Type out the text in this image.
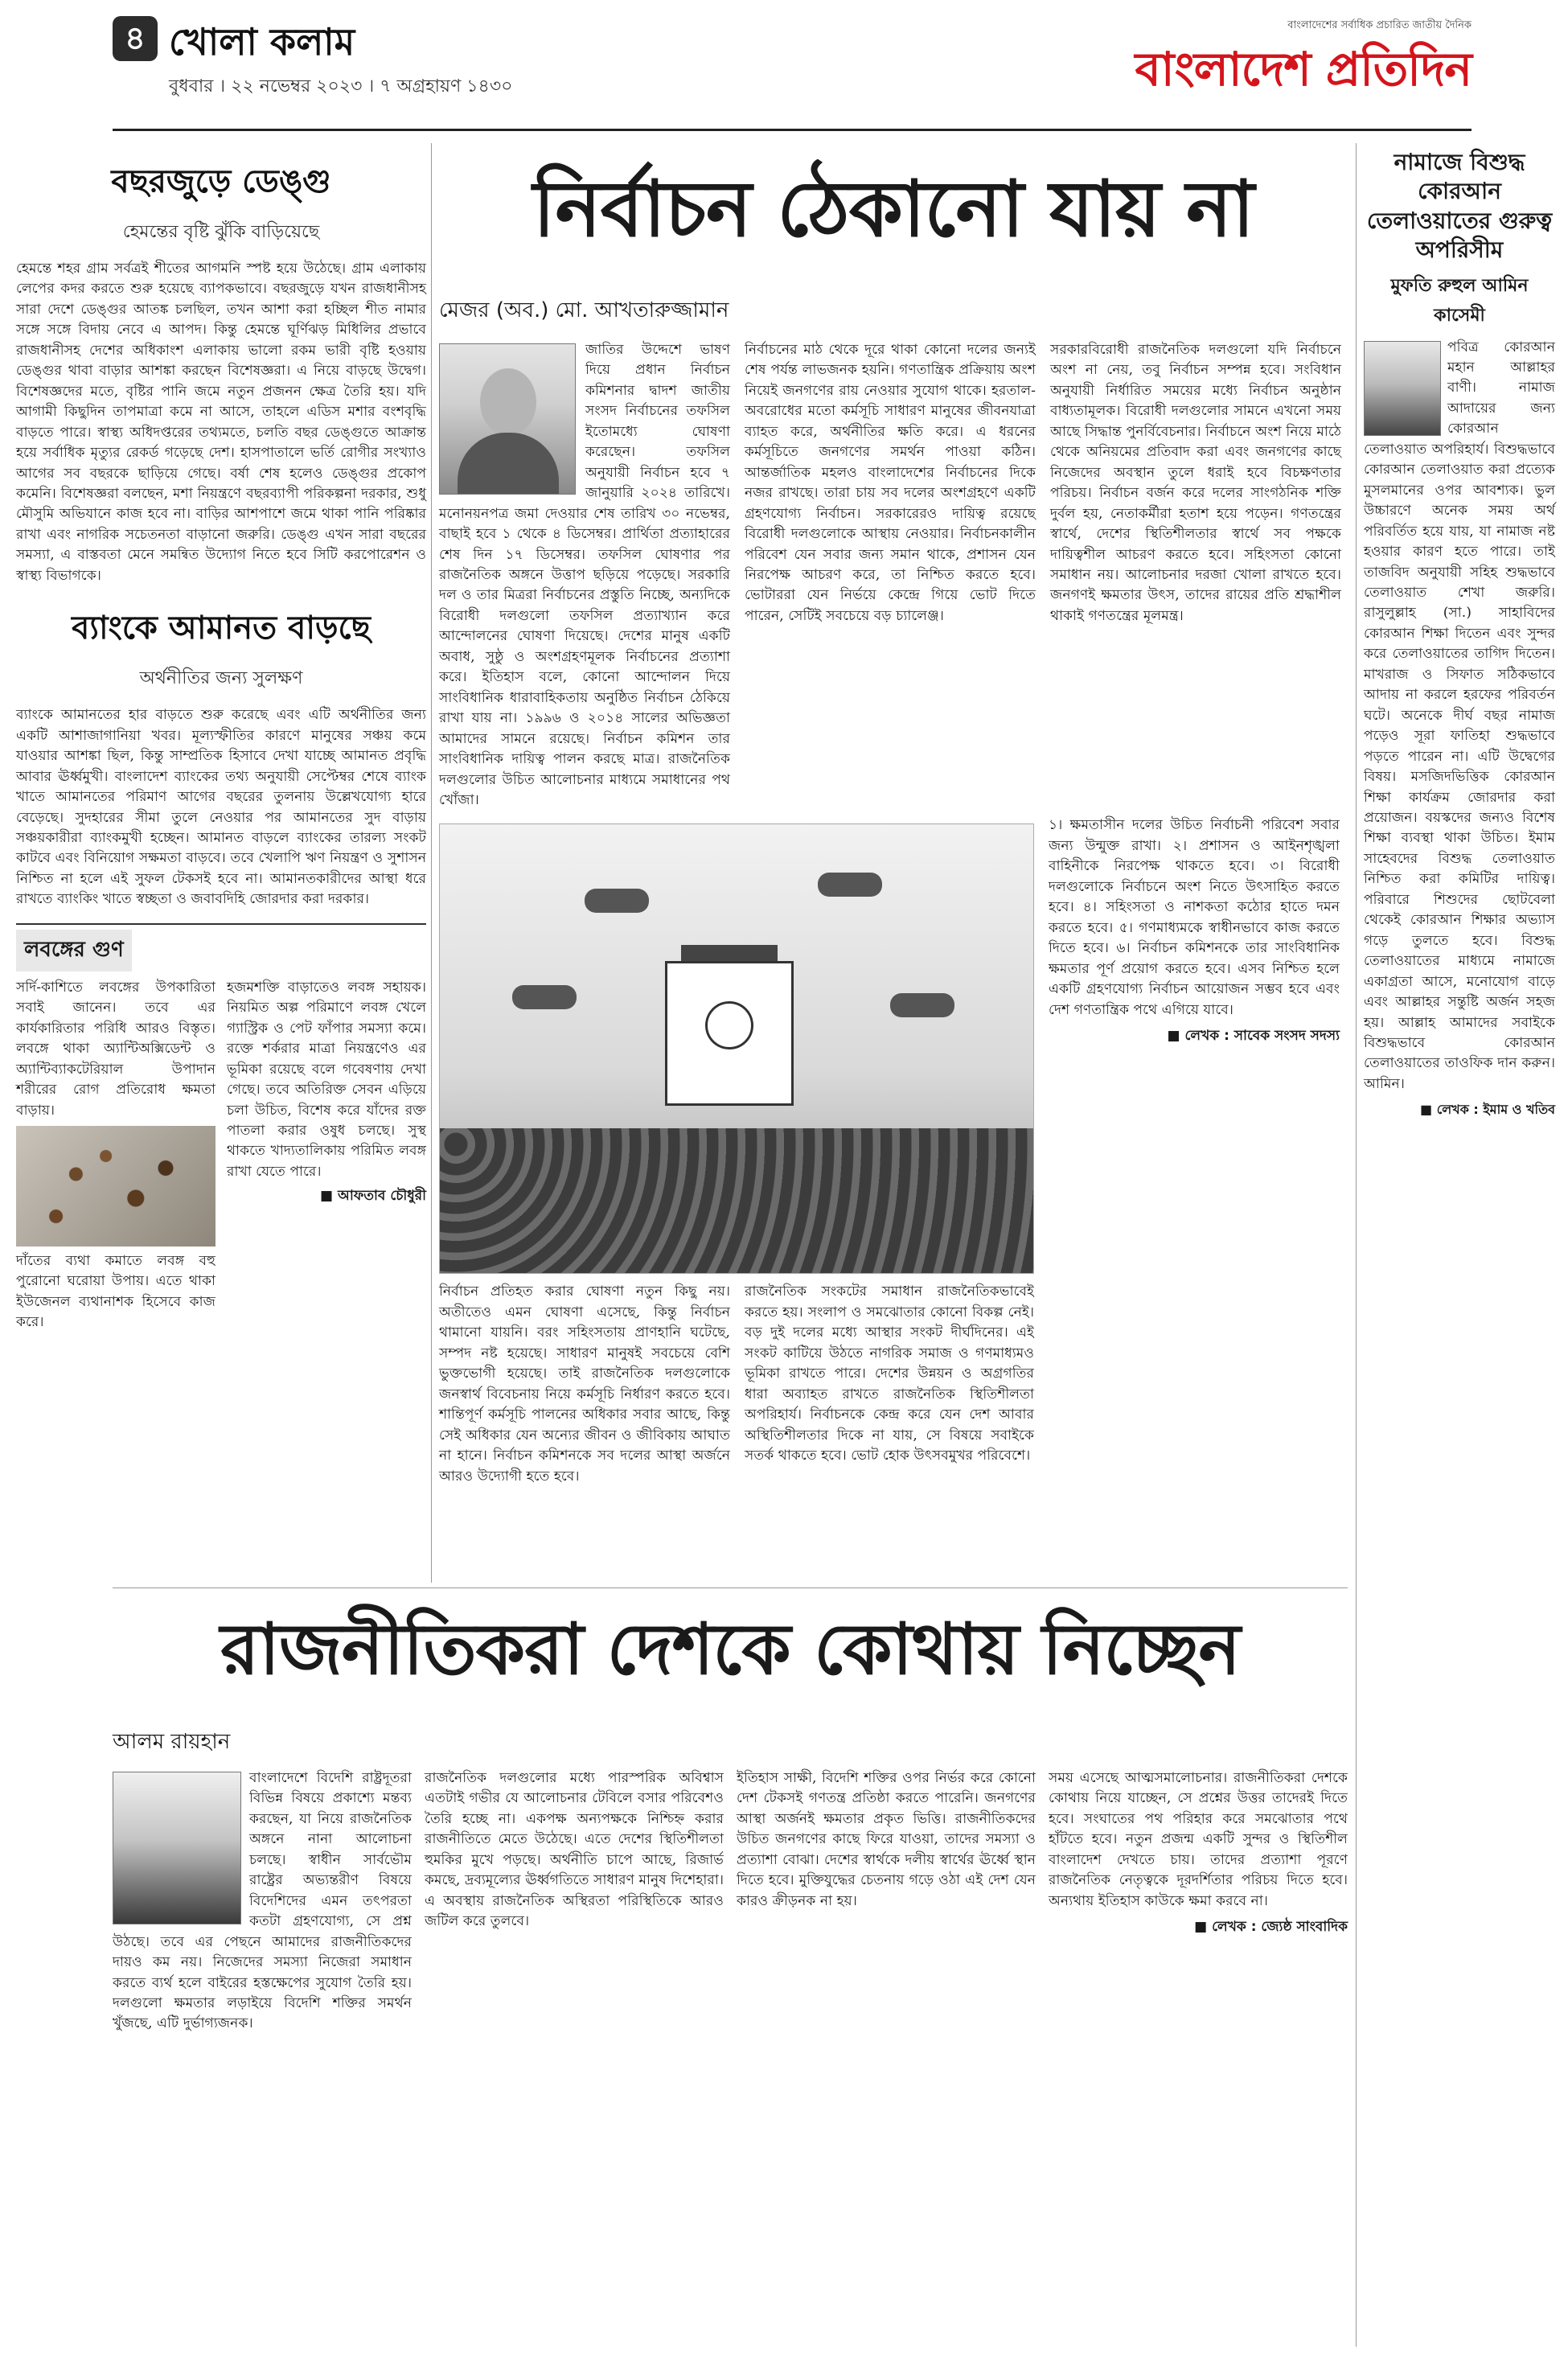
৪ খোলা কলাম
বুধবার । ২২ নভেম্বর ২০২৩ । ৭ অগ্রহায়ণ ১৪৩০
বাংলাদেশের সর্বাধিক প্রচারিত জাতীয় দৈনিক
বাংলাদেশ প্রতিদিন
বছরজুড়ে ডেঙ্গু
হেমন্তের বৃষ্টি ঝুঁকি বাড়িয়েছে
হেমন্তে শহর গ্রাম সর্বত্রই শীতের আগমনি স্পষ্ট হয়ে উঠেছে। গ্রাম এলাকায় লেপের কদর করতে শুরু হয়েছে ব্যাপকভাবে। বছরজুড়ে যখন রাজধানীসহ সারা দেশে ডেঙ্গুর আতঙ্ক চলছিল, তখন আশা করা হচ্ছিল শীত নামার সঙ্গে সঙ্গে বিদায় নেবে এ আপদ। কিন্তু হেমন্তে ঘূর্ণিঝড় মিধিলির প্রভাবে রাজধানীসহ দেশের অধিকাংশ এলাকায় ভালো রকম ভারী বৃষ্টি হওয়ায় ডেঙ্গুর থাবা বাড়ার আশঙ্কা করছেন বিশেষজ্ঞরা। এ নিয়ে বাড়ছে উদ্বেগ। বিশেষজ্ঞদের মতে, বৃষ্টির পানি জমে নতুন প্রজনন ক্ষেত্র তৈরি হয়। যদি আগামী কিছুদিন তাপমাত্রা কমে না আসে, তাহলে এডিস মশার বংশবৃদ্ধি বাড়তে পারে। স্বাস্থ্য অধিদপ্তরের তথ্যমতে, চলতি বছর ডেঙ্গুতে আক্রান্ত হয়ে সর্বাধিক মৃত্যুর রেকর্ড গড়েছে দেশ। হাসপাতালে ভর্তি রোগীর সংখ্যাও আগের সব বছরকে ছাড়িয়ে গেছে। বর্ষা শেষ হলেও ডেঙ্গুর প্রকোপ কমেনি। বিশেষজ্ঞরা বলছেন, মশা নিয়ন্ত্রণে বছরব্যাপী পরিকল্পনা দরকার, শুধু মৌসুমি অভিযানে কাজ হবে না। বাড়ির আশপাশে জমে থাকা পানি পরিষ্কার রাখা এবং নাগরিক সচেতনতা বাড়ানো জরুরি। ডেঙ্গু এখন সারা বছরের সমস্যা, এ বাস্তবতা মেনে সমন্বিত উদ্যোগ নিতে হবে সিটি করপোরেশন ও স্বাস্থ্য বিভাগকে।
ব্যাংকে আমানত বাড়ছে
অর্থনীতির জন্য সুলক্ষণ
ব্যাংকে আমানতের হার বাড়তে শুরু করেছে এবং এটি অর্থনীতির জন্য একটি আশাজাগানিয়া খবর। মূল্যস্ফীতির কারণে মানুষের সঞ্চয় কমে যাওয়ার আশঙ্কা ছিল, কিন্তু সাম্প্রতিক হিসাবে দেখা যাচ্ছে আমানত প্রবৃদ্ধি আবার ঊর্ধ্বমুখী। বাংলাদেশ ব্যাংকের তথ্য অনুযায়ী সেপ্টেম্বর শেষে ব্যাংক খাতে আমানতের পরিমাণ আগের বছরের তুলনায় উল্লেখযোগ্য হারে বেড়েছে। সুদহারের সীমা তুলে নেওয়ার পর আমানতের সুদ বাড়ায় সঞ্চয়কারীরা ব্যাংকমুখী হচ্ছেন। আমানত বাড়লে ব্যাংকের তারল্য সংকট কাটবে এবং বিনিয়োগ সক্ষমতা বাড়বে। তবে খেলাপি ঋণ নিয়ন্ত্রণ ও সুশাসন নিশ্চিত না হলে এই সুফল টেকসই হবে না। আমানতকারীদের আস্থা ধরে রাখতে ব্যাংকিং খাতে স্বচ্ছতা ও জবাবদিহি জোরদার করা দরকার।
লবঙ্গের গুণ
সর্দি-কাশিতে লবঙ্গের উপকারিতা সবাই জানেন। তবে এর কার্যকারিতার পরিধি আরও বিস্তৃত। লবঙ্গে থাকা অ্যান্টিঅক্সিডেন্ট ও অ্যান্টিব্যাকটেরিয়াল উপাদান শরীরের রোগ প্রতিরোধ ক্ষমতা বাড়ায়।
দাঁতের ব্যথা কমাতে লবঙ্গ বহু পুরোনো ঘরোয়া উপায়। এতে থাকা ইউজেনল ব্যথানাশক হিসেবে কাজ করে।
হজমশক্তি বাড়াতেও লবঙ্গ সহায়ক। নিয়মিত অল্প পরিমাণে লবঙ্গ খেলে গ্যাস্ট্রিক ও পেট ফাঁপার সমস্যা কমে। রক্তে শর্করার মাত্রা নিয়ন্ত্রণেও এর ভূমিকা রয়েছে বলে গবেষণায় দেখা গেছে। তবে অতিরিক্ত সেবন এড়িয়ে চলা উচিত, বিশেষ করে যাঁদের রক্ত পাতলা করার ওষুধ চলছে। সুস্থ থাকতে খাদ্যতালিকায় পরিমিত লবঙ্গ রাখা যেতে পারে।
■ আফতাব চৌধুরী
নির্বাচন ঠেকানো যায় না
মেজর (অব.) মো. আখতারুজ্জামান
জাতির উদ্দেশে ভাষণ দিয়ে প্রধান নির্বাচন কমিশনার দ্বাদশ জাতীয় সংসদ নির্বাচনের তফসিল ইতোমধ্যে ঘোষণা করেছেন। তফসিল অনুযায়ী নির্বাচন হবে ৭ জানুয়ারি ২০২৪ তারিখে। মনোনয়নপত্র জমা দেওয়ার শেষ তারিখ ৩০ নভেম্বর, বাছাই হবে ১ থেকে ৪ ডিসেম্বর। প্রার্থিতা প্রত্যাহারের শেষ দিন ১৭ ডিসেম্বর। তফসিল ঘোষণার পর রাজনৈতিক অঙ্গনে উত্তাপ ছড়িয়ে পড়েছে। সরকারি দল ও তার মিত্ররা নির্বাচনের প্রস্তুতি নিচ্ছে, অন্যদিকে বিরোধী দলগুলো তফসিল প্রত্যাখ্যান করে আন্দোলনের ঘোষণা দিয়েছে। দেশের মানুষ একটি অবাধ, সুষ্ঠু ও অংশগ্রহণমূলক নির্বাচনের প্রত্যাশা করে। ইতিহাস বলে, কোনো আন্দোলন দিয়ে সাংবিধানিক ধারাবাহিকতায় অনুষ্ঠিত নির্বাচন ঠেকিয়ে রাখা যায় না। ১৯৯৬ ও ২০১৪ সালের অভিজ্ঞতা আমাদের সামনে রয়েছে। নির্বাচন কমিশন তার সাংবিধানিক দায়িত্ব পালন করছে মাত্র। রাজনৈতিক দলগুলোর উচিত আলোচনার মাধ্যমে সমাধানের পথ খোঁজা।
নির্বাচনের মাঠ থেকে দূরে থাকা কোনো দলের জন্যই শেষ পর্যন্ত লাভজনক হয়নি। গণতান্ত্রিক প্রক্রিয়ায় অংশ নিয়েই জনগণের রায় নেওয়ার সুযোগ থাকে। হরতাল-অবরোধের মতো কর্মসূচি সাধারণ মানুষের জীবনযাত্রা ব্যাহত করে, অর্থনীতির ক্ষতি করে। এ ধরনের কর্মসূচিতে জনগণের সমর্থন পাওয়া কঠিন। আন্তর্জাতিক মহলও বাংলাদেশের নির্বাচনের দিকে নজর রাখছে। তারা চায় সব দলের অংশগ্রহণে একটি গ্রহণযোগ্য নির্বাচন। সরকারেরও দায়িত্ব রয়েছে বিরোধী দলগুলোকে আস্থায় নেওয়ার। নির্বাচনকালীন পরিবেশ যেন সবার জন্য সমান থাকে, প্রশাসন যেন নিরপেক্ষ আচরণ করে, তা নিশ্চিত করতে হবে। ভোটাররা যেন নির্ভয়ে কেন্দ্রে গিয়ে ভোট দিতে পারেন, সেটিই সবচেয়ে বড় চ্যালেঞ্জ।
সরকারবিরোধী রাজনৈতিক দলগুলো যদি নির্বাচনে অংশ না নেয়, তবু নির্বাচন সম্পন্ন হবে। সংবিধান অনুযায়ী নির্ধারিত সময়ের মধ্যে নির্বাচন অনুষ্ঠান বাধ্যতামূলক। বিরোধী দলগুলোর সামনে এখনো সময় আছে সিদ্ধান্ত পুনর্বিবেচনার। নির্বাচনে অংশ নিয়ে মাঠে থেকে অনিয়মের প্রতিবাদ করা এবং জনগণের কাছে নিজেদের অবস্থান তুলে ধরাই হবে বিচক্ষণতার পরিচয়। নির্বাচন বর্জন করে দলের সাংগঠনিক শক্তি দুর্বল হয়, নেতাকর্মীরা হতাশ হয়ে পড়েন। গণতন্ত্রের স্বার্থে, দেশের স্থিতিশীলতার স্বার্থে সব পক্ষকে দায়িত্বশীল আচরণ করতে হবে। সহিংসতা কোনো সমাধান নয়। আলোচনার দরজা খোলা রাখতে হবে। জনগণই ক্ষমতার উৎস, তাদের রায়ের প্রতি শ্রদ্ধাশীল থাকাই গণতন্ত্রের মূলমন্ত্র।
নির্বাচন প্রতিহত করার ঘোষণা নতুন কিছু নয়। অতীতেও এমন ঘোষণা এসেছে, কিন্তু নির্বাচন থামানো যায়নি। বরং সহিংসতায় প্রাণহানি ঘটেছে, সম্পদ নষ্ট হয়েছে। সাধারণ মানুষই সবচেয়ে বেশি ভুক্তভোগী হয়েছে। তাই রাজনৈতিক দলগুলোকে জনস্বার্থ বিবেচনায় নিয়ে কর্মসূচি নির্ধারণ করতে হবে। শান্তিপূর্ণ কর্মসূচি পালনের অধিকার সবার আছে, কিন্তু সেই অধিকার যেন অন্যের জীবন ও জীবিকায় আঘাত না হানে। নির্বাচন কমিশনকে সব দলের আস্থা অর্জনে আরও উদ্যোগী হতে হবে।
রাজনৈতিক সংকটের সমাধান রাজনৈতিকভাবেই করতে হয়। সংলাপ ও সমঝোতার কোনো বিকল্প নেই। বড় দুই দলের মধ্যে আস্থার সংকট দীর্ঘদিনের। এই সংকট কাটিয়ে উঠতে নাগরিক সমাজ ও গণমাধ্যমও ভূমিকা রাখতে পারে। দেশের উন্নয়ন ও অগ্রগতির ধারা অব্যাহত রাখতে রাজনৈতিক স্থিতিশীলতা অপরিহার্য। নির্বাচনকে কেন্দ্র করে যেন দেশ আবার অস্থিতিশীলতার দিকে না যায়, সে বিষয়ে সবাইকে সতর্ক থাকতে হবে। ভোট হোক উৎসবমুখর পরিবেশে।
১। ক্ষমতাসীন দলের উচিত নির্বাচনী পরিবেশ সবার জন্য উন্মুক্ত রাখা। ২। প্রশাসন ও আইনশৃঙ্খলা বাহিনীকে নিরপেক্ষ থাকতে হবে। ৩। বিরোধী দলগুলোকে নির্বাচনে অংশ নিতে উৎসাহিত করতে হবে। ৪। সহিংসতা ও নাশকতা কঠোর হাতে দমন করতে হবে। ৫। গণমাধ্যমকে স্বাধীনভাবে কাজ করতে দিতে হবে। ৬। নির্বাচন কমিশনকে তার সাংবিধানিক ক্ষমতার পূর্ণ প্রয়োগ করতে হবে। এসব নিশ্চিত হলে একটি গ্রহণযোগ্য নির্বাচন আয়োজন সম্ভব হবে এবং দেশ গণতান্ত্রিক পথে এগিয়ে যাবে।
■ লেখক : সাবেক সংসদ সদস্য
নামাজে বিশুদ্ধ কোরআন তেলাওয়াতের গুরুত্ব অপরিসীম
মুফতি রুহুল আমিন কাসেমী
পবিত্র কোরআন মহান আল্লাহর বাণী। নামাজ আদায়ের জন্য কোরআন তেলাওয়াত অপরিহার্য। বিশুদ্ধভাবে কোরআন তেলাওয়াত করা প্রত্যেক মুসলমানের ওপর আবশ্যক। ভুল উচ্চারণে অনেক সময় অর্থ পরিবর্তিত হয়ে যায়, যা নামাজ নষ্ট হওয়ার কারণ হতে পারে। তাই তাজবিদ অনুযায়ী সহিহ শুদ্ধভাবে তেলাওয়াত শেখা জরুরি। রাসুলুল্লাহ (সা.) সাহাবিদের কোরআন শিক্ষা দিতেন এবং সুন্দর করে তেলাওয়াতের তাগিদ দিতেন। মাখরাজ ও সিফাত সঠিকভাবে আদায় না করলে হরফের পরিবর্তন ঘটে। অনেকে দীর্ঘ বছর নামাজ পড়েও সূরা ফাতিহা শুদ্ধভাবে পড়তে পারেন না। এটি উদ্বেগের বিষয়। মসজিদভিত্তিক কোরআন শিক্ষা কার্যক্রম জোরদার করা প্রয়োজন। বয়স্কদের জন্যও বিশেষ শিক্ষা ব্যবস্থা থাকা উচিত। ইমাম সাহেবদের বিশুদ্ধ তেলাওয়াত নিশ্চিত করা কমিটির দায়িত্ব। পরিবারে শিশুদের ছোটবেলা থেকেই কোরআন শিক্ষার অভ্যাস গড়ে তুলতে হবে। বিশুদ্ধ তেলাওয়াতের মাধ্যমে নামাজে একাগ্রতা আসে, মনোযোগ বাড়ে এবং আল্লাহর সন্তুষ্টি অর্জন সহজ হয়। আল্লাহ আমাদের সবাইকে বিশুদ্ধভাবে কোরআন তেলাওয়াতের তাওফিক দান করুন। আমিন।
■ লেখক : ইমাম ও খতিব
রাজনীতিকরা দেশকে কোথায় নিচ্ছেন
আলম রায়হান
বাংলাদেশে বিদেশি রাষ্ট্রদূতরা বিভিন্ন বিষয়ে প্রকাশ্যে মন্তব্য করছেন, যা নিয়ে রাজনৈতিক অঙ্গনে নানা আলোচনা চলছে। স্বাধীন সার্বভৌম রাষ্ট্রের অভ্যন্তরীণ বিষয়ে বিদেশিদের এমন তৎপরতা কতটা গ্রহণযোগ্য, সে প্রশ্ন উঠছে। তবে এর পেছনে আমাদের রাজনীতিকদের দায়ও কম নয়। নিজেদের সমস্যা নিজেরা সমাধান করতে ব্যর্থ হলে বাইরের হস্তক্ষেপের সুযোগ তৈরি হয়। দলগুলো ক্ষমতার লড়াইয়ে বিদেশি শক্তির সমর্থন খুঁজছে, এটি দুর্ভাগ্যজনক।
রাজনৈতিক দলগুলোর মধ্যে পারস্পরিক অবিশ্বাস এতটাই গভীর যে আলোচনার টেবিলে বসার পরিবেশও তৈরি হচ্ছে না। একপক্ষ অন্যপক্ষকে নিশ্চিহ্ন করার রাজনীতিতে মেতে উঠেছে। এতে দেশের স্থিতিশীলতা হুমকির মুখে পড়ছে। অর্থনীতি চাপে আছে, রিজার্ভ কমছে, দ্রব্যমূল্যের ঊর্ধ্বগতিতে সাধারণ মানুষ দিশেহারা। এ অবস্থায় রাজনৈতিক অস্থিরতা পরিস্থিতিকে আরও জটিল করে তুলবে।
ইতিহাস সাক্ষী, বিদেশি শক্তির ওপর নির্ভর করে কোনো দেশ টেকসই গণতন্ত্র প্রতিষ্ঠা করতে পারেনি। জনগণের আস্থা অর্জনই ক্ষমতার প্রকৃত ভিত্তি। রাজনীতিকদের উচিত জনগণের কাছে ফিরে যাওয়া, তাদের সমস্যা ও প্রত্যাশা বোঝা। দেশের স্বার্থকে দলীয় স্বার্থের ঊর্ধ্বে স্থান দিতে হবে। মুক্তিযুদ্ধের চেতনায় গড়ে ওঠা এই দেশ যেন কারও ক্রীড়নক না হয়।
সময় এসেছে আত্মসমালোচনার। রাজনীতিকরা দেশকে কোথায় নিয়ে যাচ্ছেন, সে প্রশ্নের উত্তর তাদেরই দিতে হবে। সংঘাতের পথ পরিহার করে সমঝোতার পথে হাঁটতে হবে। নতুন প্রজন্ম একটি সুন্দর ও স্থিতিশীল বাংলাদেশ দেখতে চায়। তাদের প্রত্যাশা পূরণে রাজনৈতিক নেতৃত্বকে দূরদর্শিতার পরিচয় দিতে হবে। অন্যথায় ইতিহাস কাউকে ক্ষমা করবে না।
■ লেখক : জ্যেষ্ঠ সাংবাদিক
